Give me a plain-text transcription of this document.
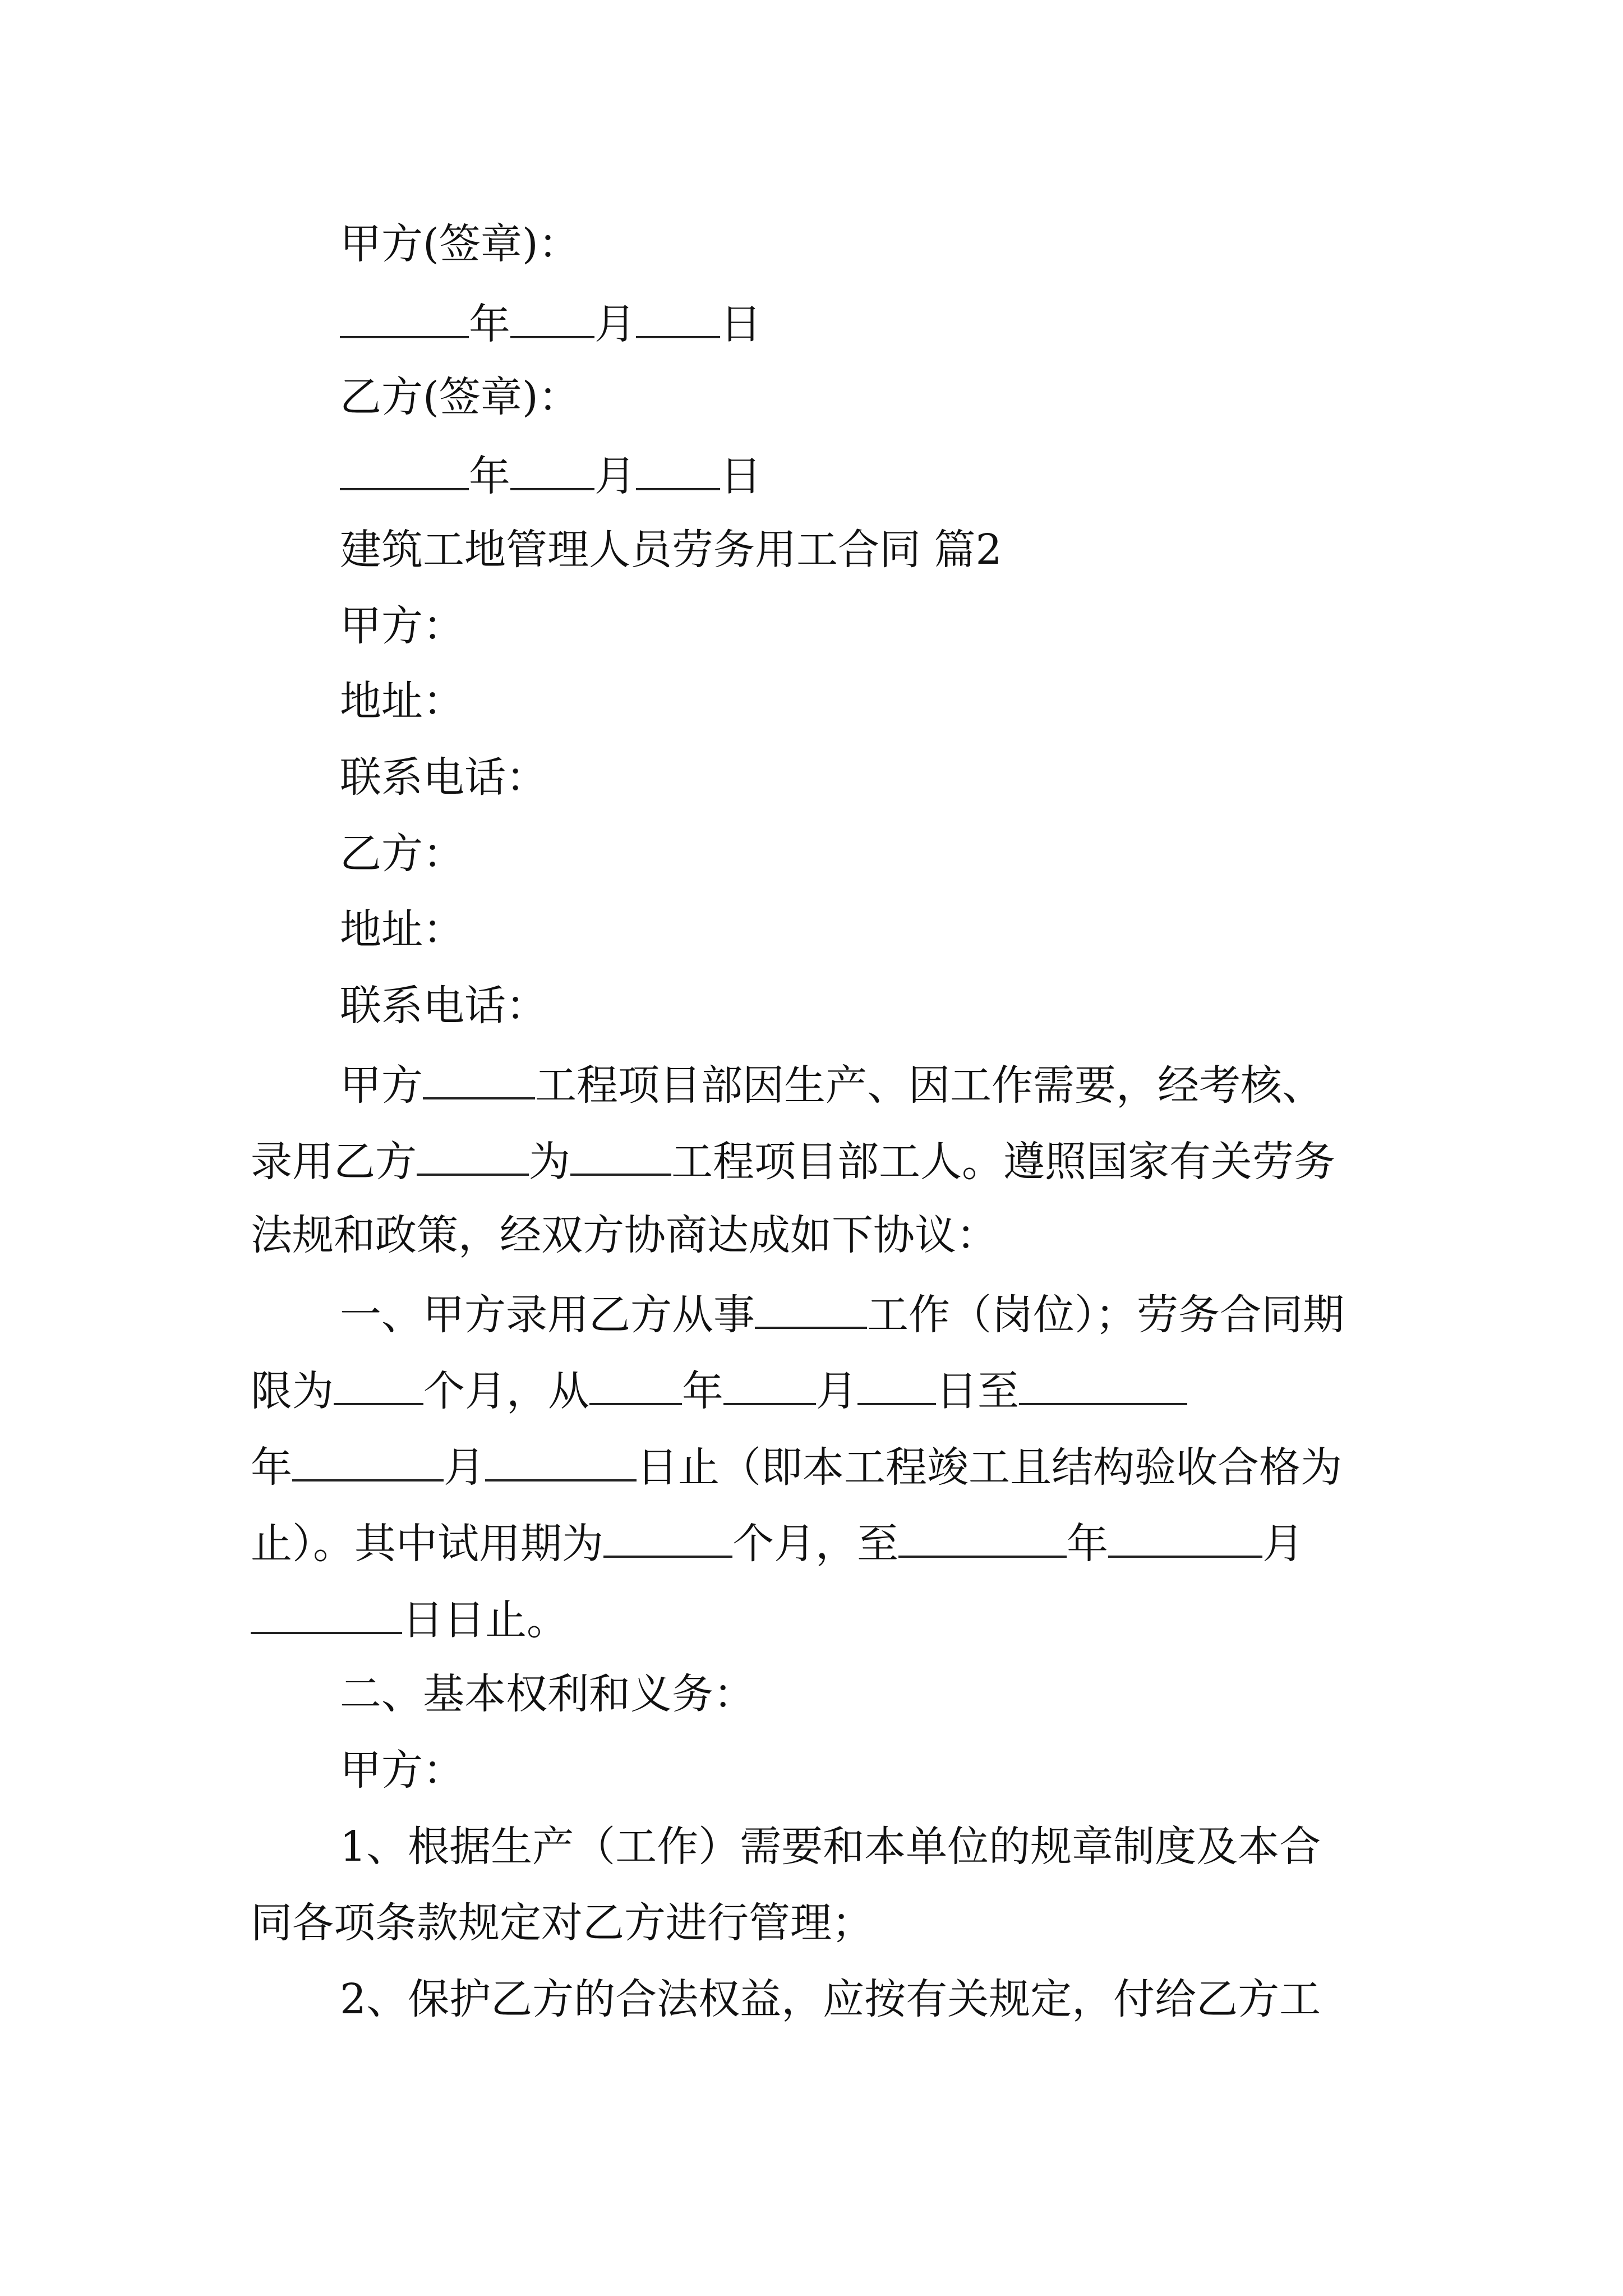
甲方(签章)：
年 月 日
乙方(签章)：
年 月 日
建筑工地管理人员劳务用工合同 篇2
甲方：
地址：
联系电话：
乙方：
地址：
联系电话：
甲方	工程项目部因生产、因工作需要，经考核、
录用乙方	为 工程项目部工人。遵照国家有关劳务
法规和政策，经双方协商达成如下协议：
一、甲方录用乙方从事	工作（岗位）；劳务合同期
限为 个月，从 年 月 日至
年	月	日止（即本工程竣工且结构验收合格为
止）。其中试用期为	个月，至	年	月
日日止。
二、基本权利和义务：
甲方：
1、根据生产（工作）需要和本单位的规章制度及本合
同各项条款规定对乙方进行管理；
2、保护乙方的合法权益，应按有关规定，付给乙方工
